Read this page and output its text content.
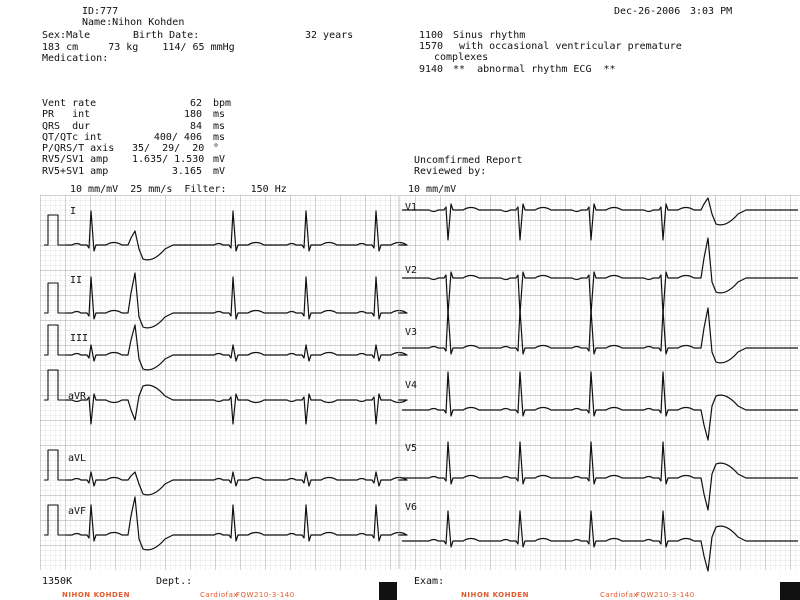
ID:777
Name:Nihon Kohden
Sex:Male	Birth Date:	32 years
183 cm     73 kg    114/ 65 mmHg
Medication:
Dec-26-2006 3:03 PM
1100 Sinus rhythm
1570 with occasional ventricular premature
complexes
9140 **  abnormal rhythm ECG  **
Vent rate	62 bpm
PR   int	180 ms
QRS  dur	84 ms
QT/QTc int	400/ 406 ms
P/QRS/T axis 35/  29/  20 °
RV5/SV1 amp 1.635/ 1.530 mV
RV5+SV1 amp	3.165 mV
Uncomfirmed Report
Reviewed by:
10 mm/mV  25 mm/s  Filter:    150 Hz	10 mm/mV
I
II
III
aVR
aVL
aVF
V1
V2
V3
V4
V5
V6
1350K	Dept.:	Exam:
NIHON KOHDEN	Cardiofax
FQW210-3-140	NIHON KOHDEN	Cardiofax
FQW210-3-140
